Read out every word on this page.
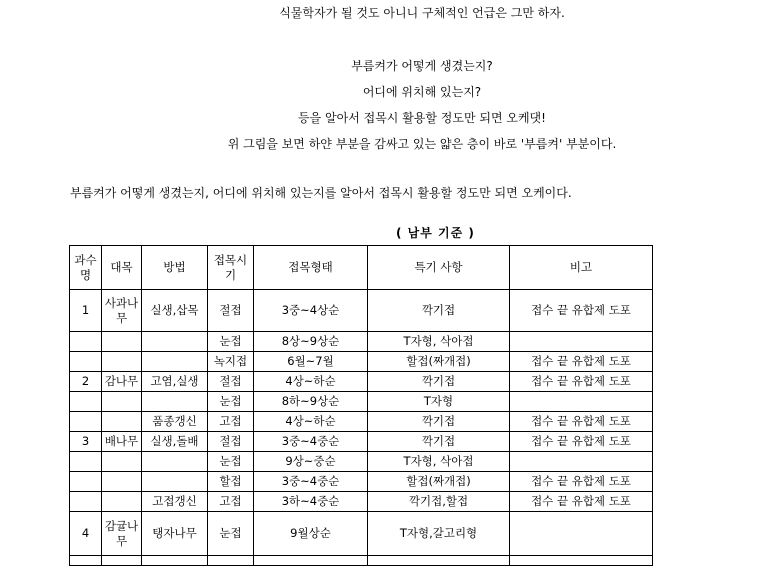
식물학자가 될 것도 아니니 구체적인 언급은 그만 하자.
부름켜가 어떻게 생겼는지?
어디에 위치해 있는지?
등을 알아서 접목시 활용할 정도만 되면 오케댓!
위 그림을 보면 하얀 부분을 감싸고 있는 얇은 층이 바로 '부름켜' 부분이다.
부름켜가 어떻게 생겼는지, 어디에 위치해 있는지를 알아서 접목시 활용할 정도만 되면 오케이다.
( 남부 기준 )
과수명	대목	방법	접목시기	접목형태	특기 사항	비고
1	사과나무	실생,삽목	절접	3중~4상순	깍기접	접수 끝 유합제 도포
			눈접	8상~9상순	T자형, 삭아접	
			녹지접	6월~7월	할접(짜개접)	접수 끝 유합제 도포
2	감나무	고염,실생	절접	4상~하순	깍기접	접수 끝 유합제 도포
			눈접	8하~9상순	T자형	
		품종갱신	고접	4상~하순	깍기접	접수 끝 유합제 도포
3	배나무	실생,돌배	절접	3중~4중순	깍기접	접수 끝 유합제 도포
			눈접	9상~중순	T자형, 삭아접	
			할접	3중~4중순	할접(짜개접)	접수 끝 유합제 도포
		고접갱신	고접	3하~4중순	깍기접,할접	접수 끝 유합제 도포
4	감귤나무	탱자나무	눈접	9월상순	T자형,갈고리형	
